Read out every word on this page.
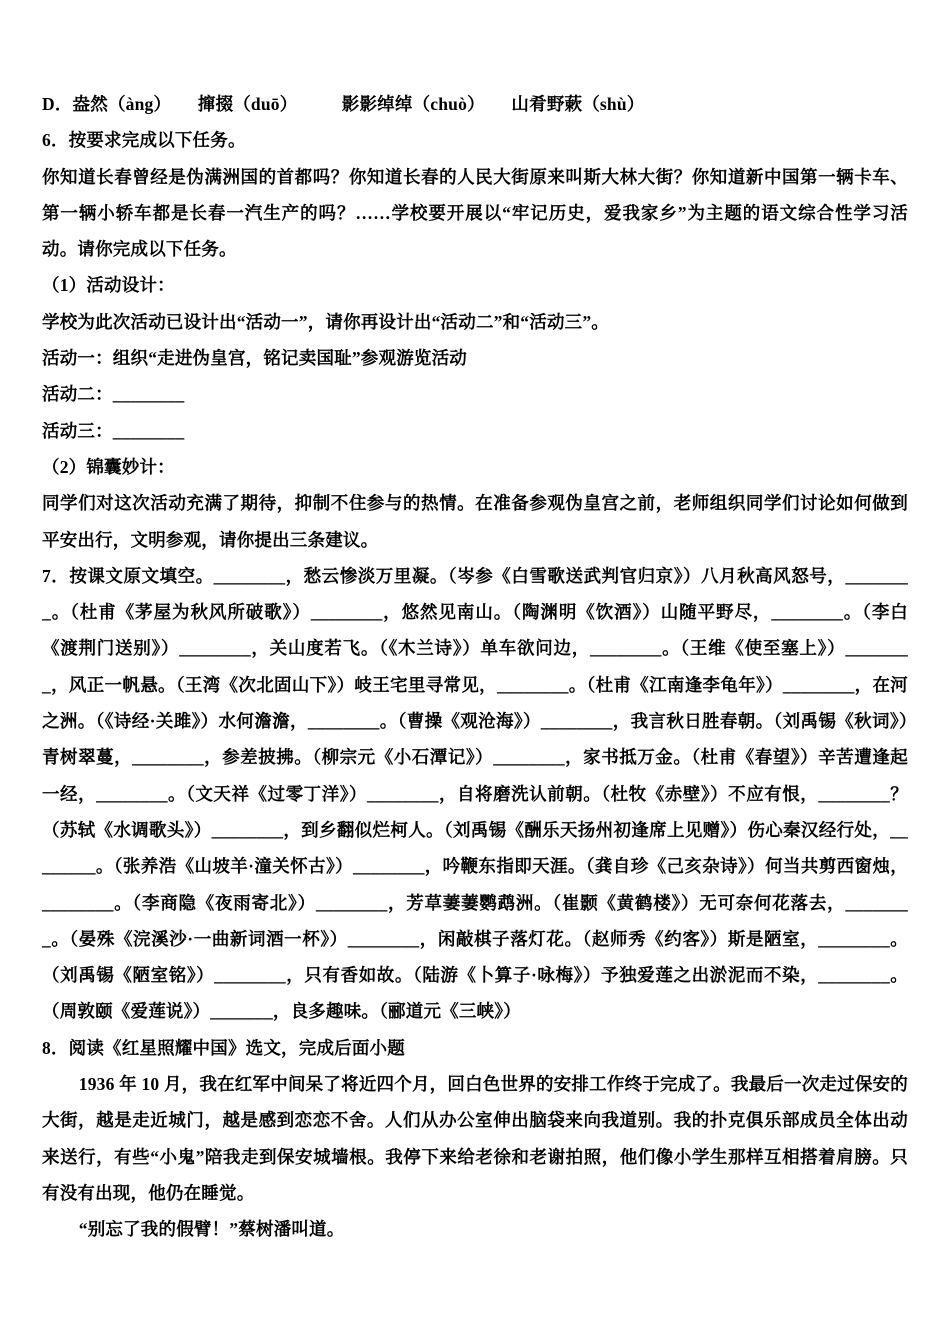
D．盎然（àng）　　撺掇（duō）　　　影影绰绰（chuò）　　山肴野蔌（shù）

6．按要求完成以下任务。

你知道长春曾经是伪满洲国的首都吗？你知道长春的人民大街原来叫斯大林大街？你知道新中国第一辆卡车、第一辆小轿车都是长春一汽生产的吗？……学校要开展以“牢记历史，爱我家乡”为主题的语文综合性学习活动。请你完成以下任务。

（1）活动设计：

学校为此次活动已设计出“活动一”，请你再设计出“活动二”和“活动三”。

活动一：组织“走进伪皇宫，铭记卖国耻”参观游览活动

活动二：________

活动三：________

（2）锦囊妙计：

同学们对这次活动充满了期待，抑制不住参与的热情。在准备参观伪皇宫之前，老师组织同学们讨论如何做到平安出行，文明参观，请你提出三条建议。

7．按课文原文填空。________，愁云惨淡万里凝。（岑参《白雪歌送武判官归京》）八月秋高风怒号，________。（杜甫《茅屋为秋风所破歌》）________，悠然见南山。（陶渊明《饮酒》）山随平野尽，________。（李白《渡荆门送别》）________，关山度若飞。（《木兰诗》）单车欲问边，________。（王维《使至塞上》）________，风正一帆悬。（王湾《次北固山下》）岐王宅里寻常见，________。（杜甫《江南逢李龟年》）________，在河之洲。（《诗经·关雎》）水何澹澹，________。（曹操《观沧海》）________，我言秋日胜春朝。（刘禹锡《秋词》）青树翠蔓，________，参差披拂。（柳宗元《小石潭记》）________，家书抵万金。（杜甫《春望》）辛苦遭逢起一经，________。（文天祥《过零丁洋》）________，自将磨洗认前朝。（杜牧《赤壁》）不应有恨，________？（苏轼《水调歌头》）________，到乡翻似烂柯人。（刘禹锡《酬乐天扬州初逢席上见赠》）伤心秦汉经行处，________。（张养浩《山坡羊·潼关怀古》）________，吟鞭东指即天涯。（龚自珍《己亥杂诗》）何当共剪西窗烛，________。（李商隐《夜雨寄北》）________，芳草萋萋鹦鹉洲。（崔颢《黄鹤楼》）无可奈何花落去，________。（晏殊《浣溪沙·一曲新词酒一杯》）________，闲敲棋子落灯花。（赵师秀《约客》）斯是陋室，________。（刘禹锡《陋室铭》）________，只有香如故。（陆游《卜算子·咏梅》）予独爱莲之出淤泥而不染，________。（周敦颐《爱莲说》）_______，良多趣味。（郦道元《三峡》）

8．阅读《红星照耀中国》选文，完成后面小题

1936 年 10 月，我在红军中间呆了将近四个月，回白色世界的安排工作终于完成了。我最后一次走过保安的大街，越是走近城门，越是感到恋恋不舍。人们从办公室伸出脑袋来向我道别。我的扑克俱乐部成员全体出动来送行，有些“小鬼”陪我走到保安城墙根。我停下来给老徐和老谢拍照，他们像小学生那样互相搭着肩膀。只有没有出现，他仍在睡觉。

“别忘了我的假臂！”蔡树潘叫道。
